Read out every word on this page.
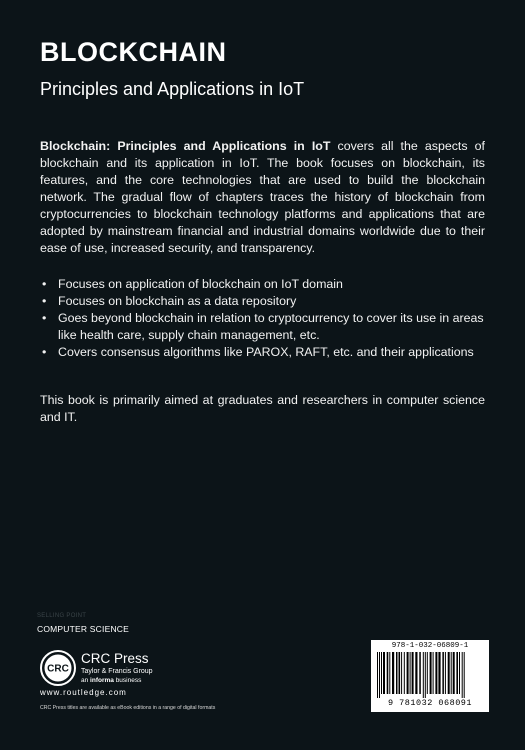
BLOCKCHAIN
Principles and Applications in IoT

Blockchain: Principles and Applications in IoT covers all the aspects of blockchain and its application in IoT. The book focuses on blockchain, its features, and the core technologies that are used to build the blockchain network. The gradual flow of chapters traces the history of blockchain from cryptocurrencies to blockchain technology platforms and applications that are adopted by mainstream financial and industrial domains worldwide due to their ease of use, increased security, and transparency.

• Focuses on application of blockchain on IoT domain
• Focuses on blockchain as a data repository
• Goes beyond blockchain in relation to cryptocurrency to cover its use in areas like health care, supply chain management, etc.
• Covers consensus algorithms like PAROX, RAFT, etc. and their applications

This book is primarily aimed at graduates and researchers in computer science and IT.

SELLING POINT
COMPUTER SCIENCE
CRC
CRC Press
Taylor & Francis Group
an informa business
www.routledge.com
CRC Press titles are available as eBook editions in a range of digital formats
978-1-032-06809-1
9 781032 068091
